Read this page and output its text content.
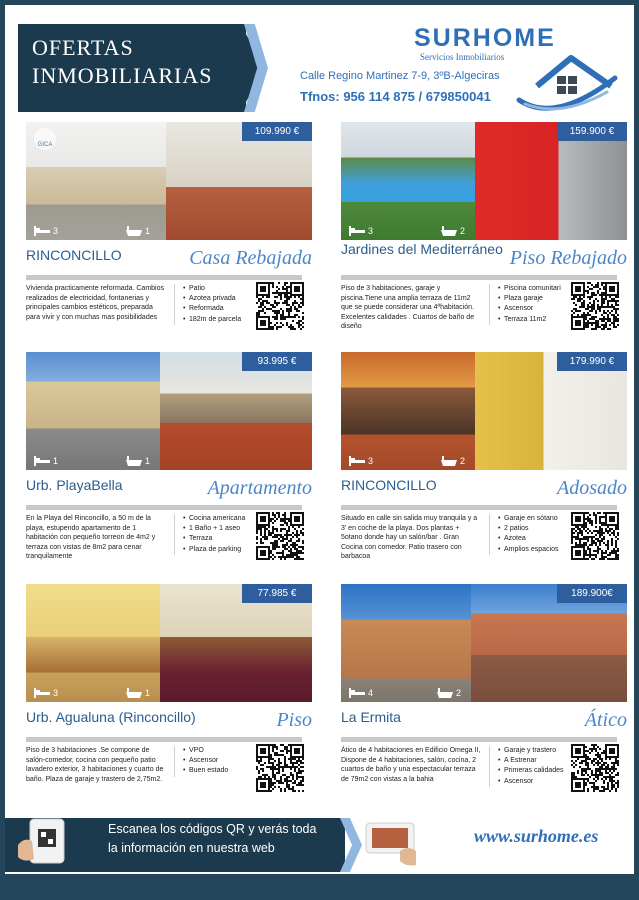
OFERTAS
INMOBILIARIAS
SURHOME
Servicios Inmobiliarios
Calle Regino Martinez 7-9, 3ºB-Algeciras
Tfnos: 956 114 875 / 679850041
GICA
109.990 €
3	1
RINCONCILLO	Casa Rebajada
Vivienda practicamente reformada. Cambios realizados de electricidad, fontanerias y principales cambios estéticos, preparada para vivir y con muchas mas posibilidades
• Patio
• Azotea privada
• Reformada
• 182m de parcela
159.900 €
3	2
Jardines del Mediterráneo Piso Rebajado
Piso de 3 habitaciones, garaje y piscina.Tiene una amplia terraza de 11m2 que se puede considerar una 4ªhabitación. Excelentes calidades . Cuartos de baño de diseño
• Piscina comunitari
• Plaza garaje
• Ascensor
• Terraza 11m2
93.995 €
1	1
Urb. PlayaBella	Apartamento
En la Playa del Rinconcillo, a 50 m de la playa, estupendo apartamento de 1 habitación con pequeño torreon de 4m2 y terraza con vistas de 8m2 para cenar tranquilamente
• Cocina americana
• 1 Baño + 1 aseo
• Terraza
• Plaza de parking
179.990 €
3	2
RINCONCILLO	Adosado
Situado en calle sin salida muy tranquila y a 3' en coche de la playa. Dos plantas + 5otano donde hay un salón/bar . Gran Cocina con comedor. Patio trasero con barbacoa
• Garaje en sótano
• 2 patios
• Azotea
• Amplios espacios
77.985 €
3	1
Urb. Agualuna (Rinconcillo)	Piso
Piso de 3 habitaciones .Se compone de salón-comedor, cocina con pequeño patio lavadero exterior, 3 habitaciones y cuarto de baño. Plaza de garaje y trastero de 2,75m2.
• VPO
• Ascensor
• Buen estado
189.900€
4	2
La Ermita	Ático
Ático de 4 habitaciones en Edificio Omega II, Dispone de 4 habitaciones, salón, cocina, 2 cuartos de baño y una espectacular terraza de 79m2 con vistas a la bahia
• Garaje y trastero
• A Estrenar
• Primeras calidades
• Ascensor
Escanea los códigos QR y verás toda
la información en nuestra web
www.surhome.es
